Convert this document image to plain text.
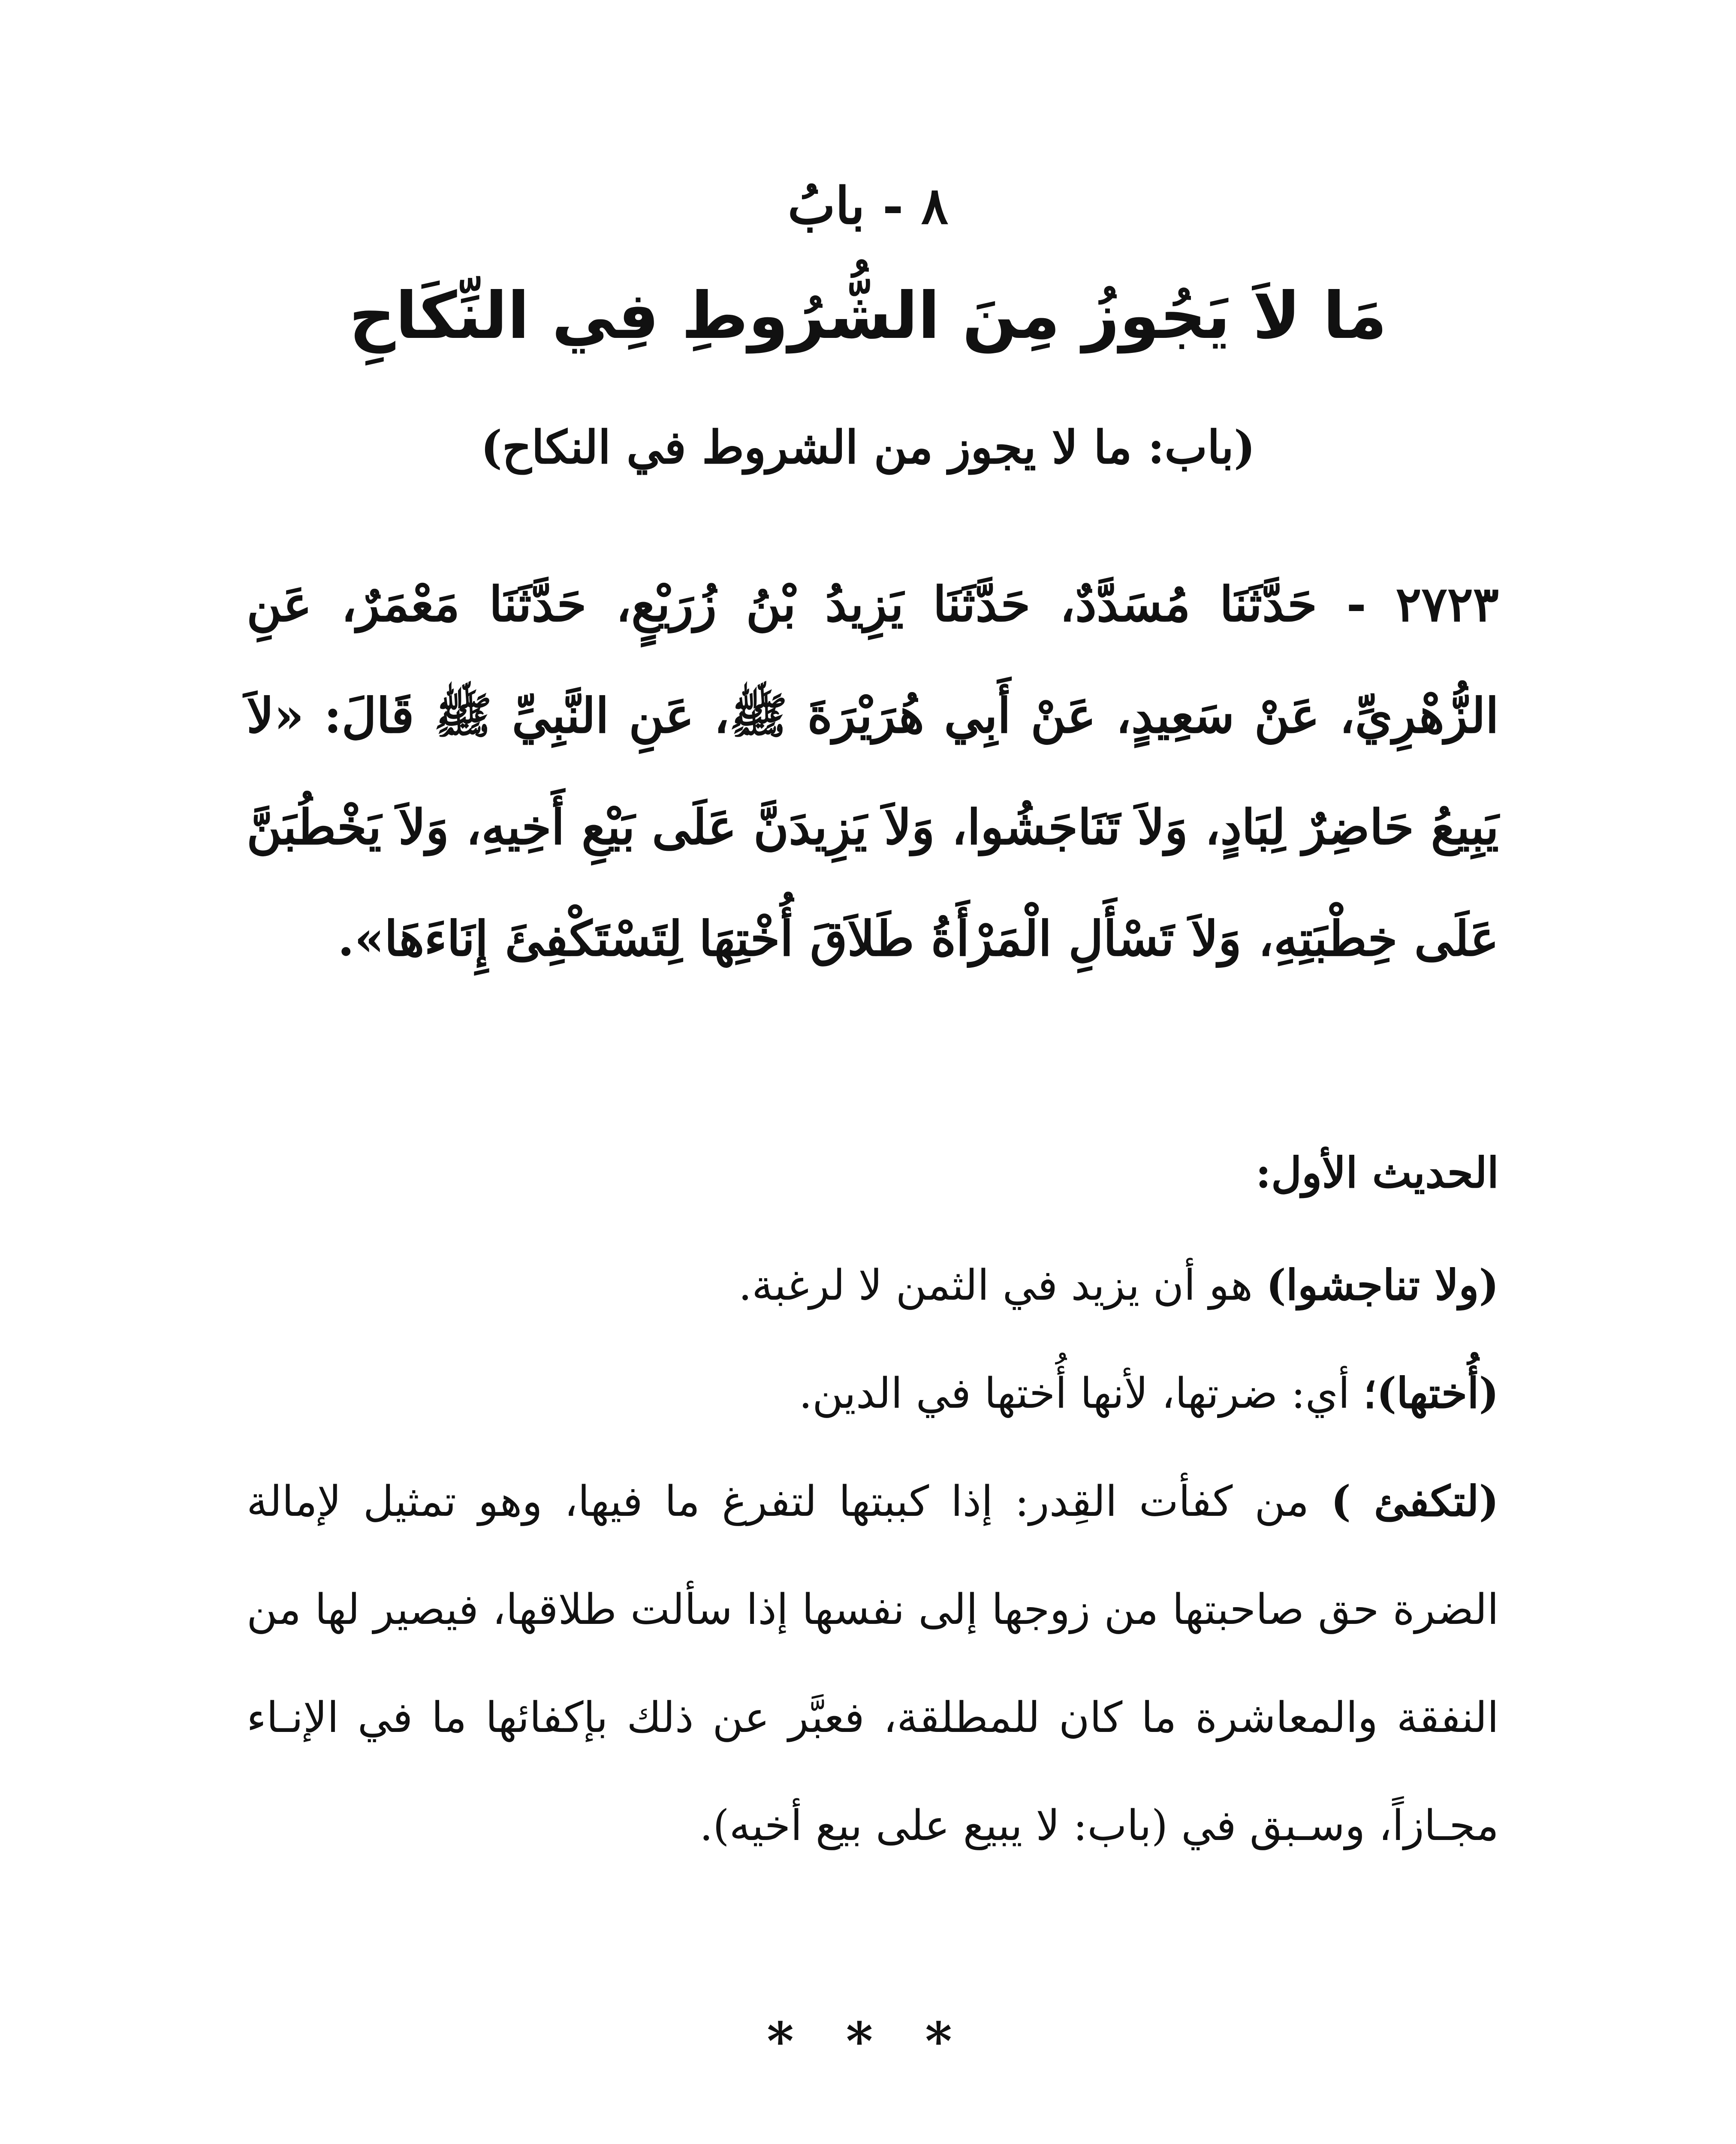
٨ - بابُ
مَا لاَ يَجُوزُ مِنَ الشُّرُوطِ فِي النِّكَاحِ
(باب: ما لا يجوز من الشروط في النكاح)
٢٧٢٣ - حَدَّثَنَا مُسَدَّدٌ، حَدَّثَنَا يَزِيدُ بْنُ زُرَيْعٍ، حَدَّثَنَا مَعْمَرٌ، عَنِ الزُّهْرِيِّ، عَنْ سَعِيدٍ، عَنْ أَبِي هُرَيْرَةَ ﷺ، عَنِ النَّبِيِّ ﷺ قَالَ: «لاَ يَبِيعُ حَاضِرٌ لِبَادٍ، وَلاَ تَنَاجَشُوا، وَلاَ يَزِيدَنَّ عَلَى بَيْعِ أَخِيهِ، وَلاَ يَخْطُبَنَّ عَلَى خِطْبَتِهِ، وَلاَ تَسْأَلِ الْمَرْأَةُ طَلاَقَ أُخْتِهَا لِتَسْتَكْفِئَ إِنَاءَهَا».

الحديث الأول:

(ولا تناجشوا) هو أن يزيد في الثمن لا لرغبة.

(أُختها)؛ أي: ضرتها، لأنها أُختها في الدين.

(لتكفئ ) من كفأت القِدر: إذا كببتها لتفرغ ما فيها، وهو تمثيل لإمالة الضرة حق صاحبتها من زوجها إلى نفسها إذا سألت طلاقها، فيصير لها من النفقة والمعاشرة ما كان للمطلقة، فعبَّر عن ذلك بإكفائها ما في الإنـاء مجـازاً، وسـبق في (باب: لا يبيع على بيع أخيه).

* * *
